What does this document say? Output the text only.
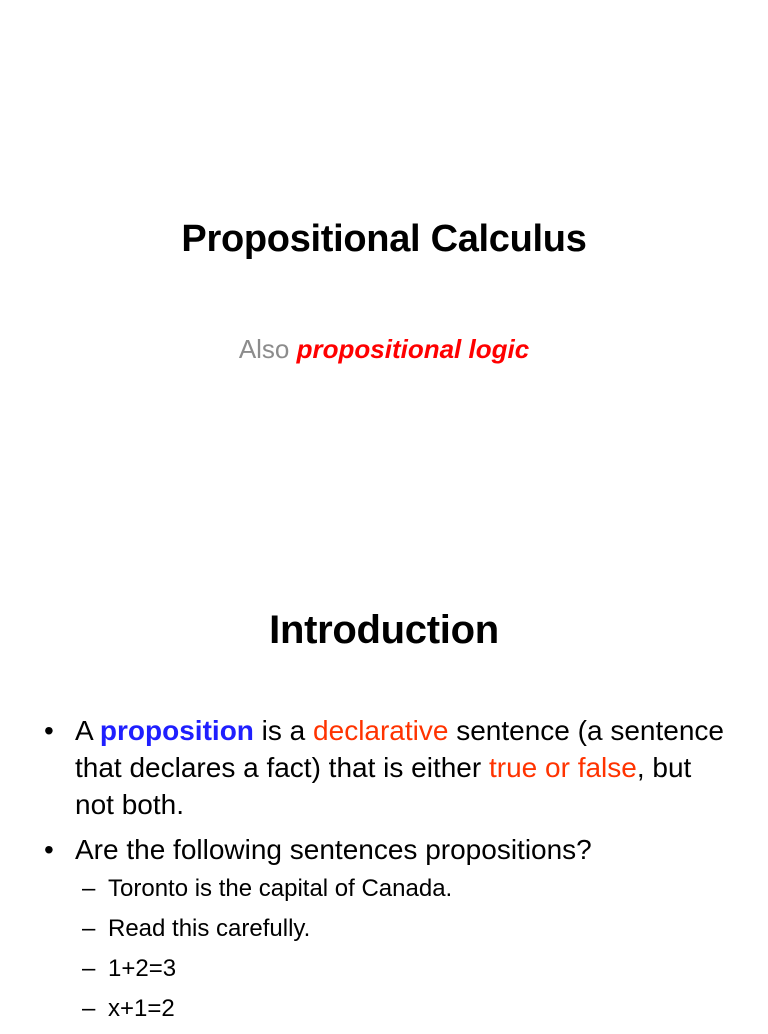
Propositional Calculus
Also propositional logic
Introduction
• A proposition is a declarative sentence (a sentence that declares a fact) that is either true or false, but not both.
• Are the following sentences propositions?
– Toronto is the capital of Canada.
– Read this carefully.
– 1+2=3
– x+1=2
